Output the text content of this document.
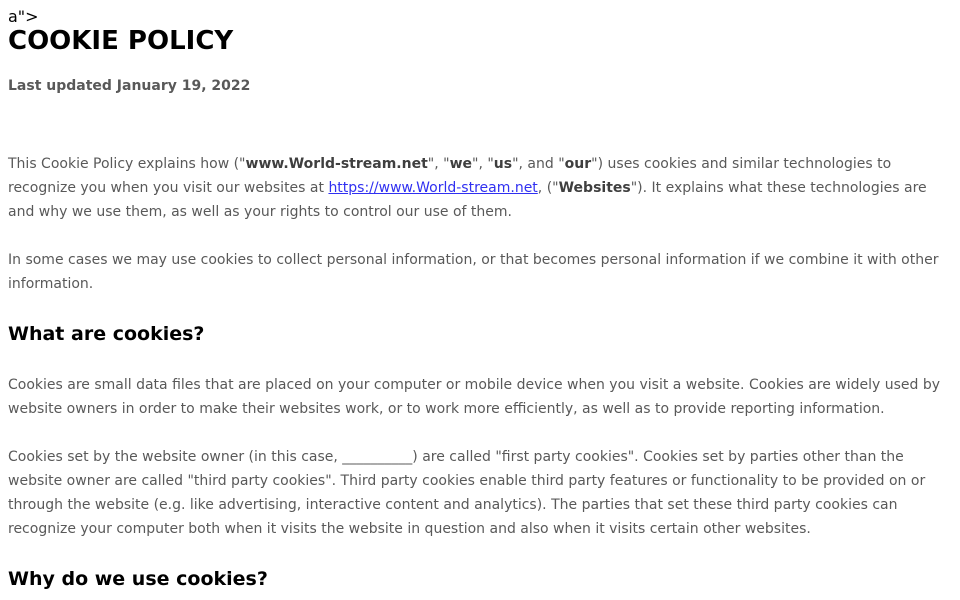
a">
COOKIE POLICY
Last updated January 19, 2022

This Cookie Policy explains how ("www.World-stream.net", "we", "us", and "our") uses cookies and similar technologies to recognize you when you visit our websites at https://www.World-stream.net, ("Websites"). It explains what these technologies are and why we use them, as well as your rights to control our use of them.

In some cases we may use cookies to collect personal information, or that becomes personal information if we combine it with other information.

What are cookies?

Cookies are small data files that are placed on your computer or mobile device when you visit a website. Cookies are widely used by website owners in order to make their websites work, or to work more efficiently, as well as to provide reporting information.

Cookies set by the website owner (in this case, __________) are called "first party cookies". Cookies set by parties other than the website owner are called "third party cookies". Third party cookies enable third party features or functionality to be provided on or through the website (e.g. like advertising, interactive content and analytics). The parties that set these third party cookies can recognize your computer both when it visits the website in question and also when it visits certain other websites.

Why do we use cookies?
